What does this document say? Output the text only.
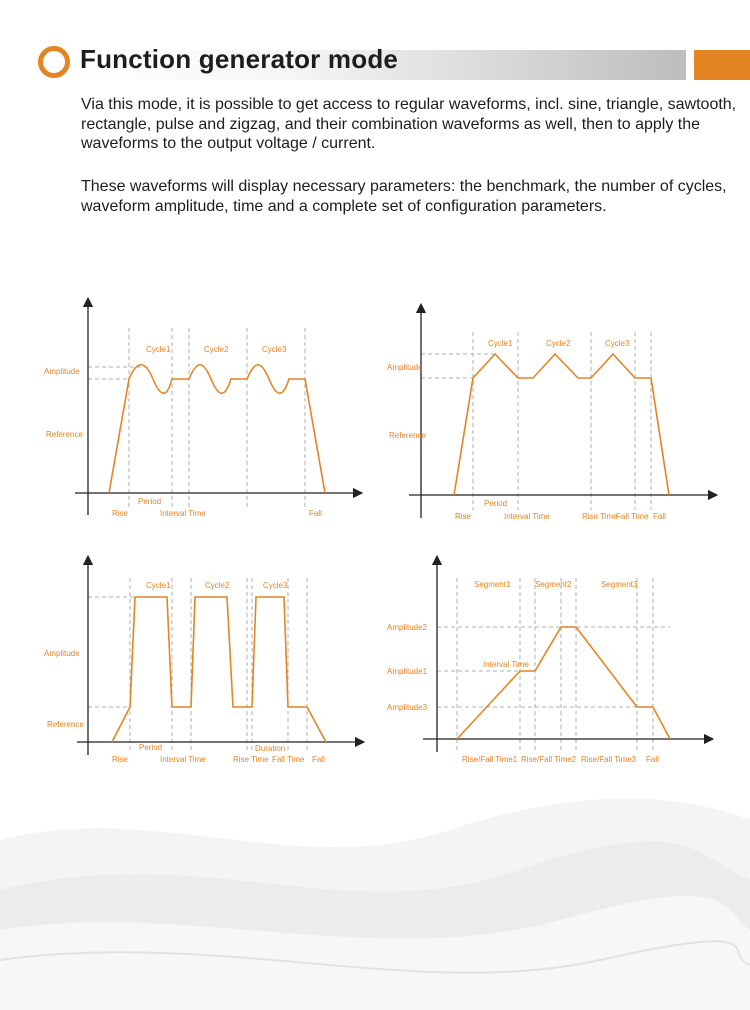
Function generator mode

Via this mode, it is possible to get access to regular waveforms, incl. sine, triangle, sawtooth, rectangle, pulse and zigzag, and their combination waveforms as well, then to apply the waveforms to the output voltage / current.

These waveforms will display necessary parameters: the benchmark, the number of cycles, waveform amplitude, time and a complete set of configuration parameters.

Cycle1	Cycle2	Cycle3
Amplitude
Reference
Period
Rise	Interval Time	Fall
Cycle1	Cycle2	Cycle3
Amplitude
Reference
Period
Rise	Interval Time	Rise Time
Fall Time Fall
Cycle1	Cycle2	Cycle3
Amplitude
Reference
Period	Duration
Rise	Interval Time	Rise Time Fall Time Fall
Segment1	Segment2	Segment3
Amplitude2
Amplitude1
Amplitude3
Interval Time
Rise/Fall Time1 Rise/Fall Time2 Rise/Fall Time3 Fall
